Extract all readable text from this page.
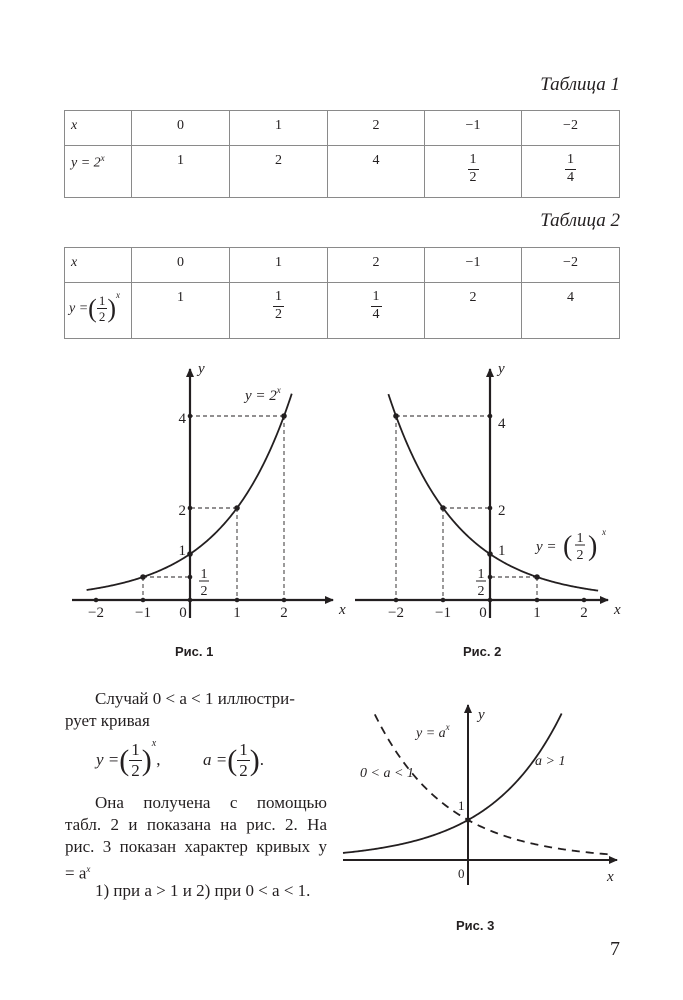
Таблица 1
x	0	1	2	−1	−2
$y = 2^x$	1	2	4	$\frac{1}{2}$	$\frac{1}{4}$
Таблица 2
x	0	1	2	−1	−2
y =( $\frac{1}{2} )^x$	1	$\frac{1}{2}$	$\frac{1}{4}$	2	4
x
y
−2 −1 0	1	2
4
2
1
1
2
$y = 2^x$
x
y
−2 −1 0	1	2
4
2
1
1
2
y = ( 1
2 ) x
Рис. 1	Рис. 2
Случай 0 < a < 1 иллюстри-
рует кривая
y =( $\frac{1}{2} )^x$,	a =( $\frac{1}{2}$ ).
Она получена с помощью
табл. 2 и показана на рис. 2. На
рис. 3 показан характер кривых y
= $a^x$
1) при a > 1 и 2) при 0 < a < 1.
x
y
0
1
$y = a^x$
0 < a < 1
a > 1
Рис. 3
7
